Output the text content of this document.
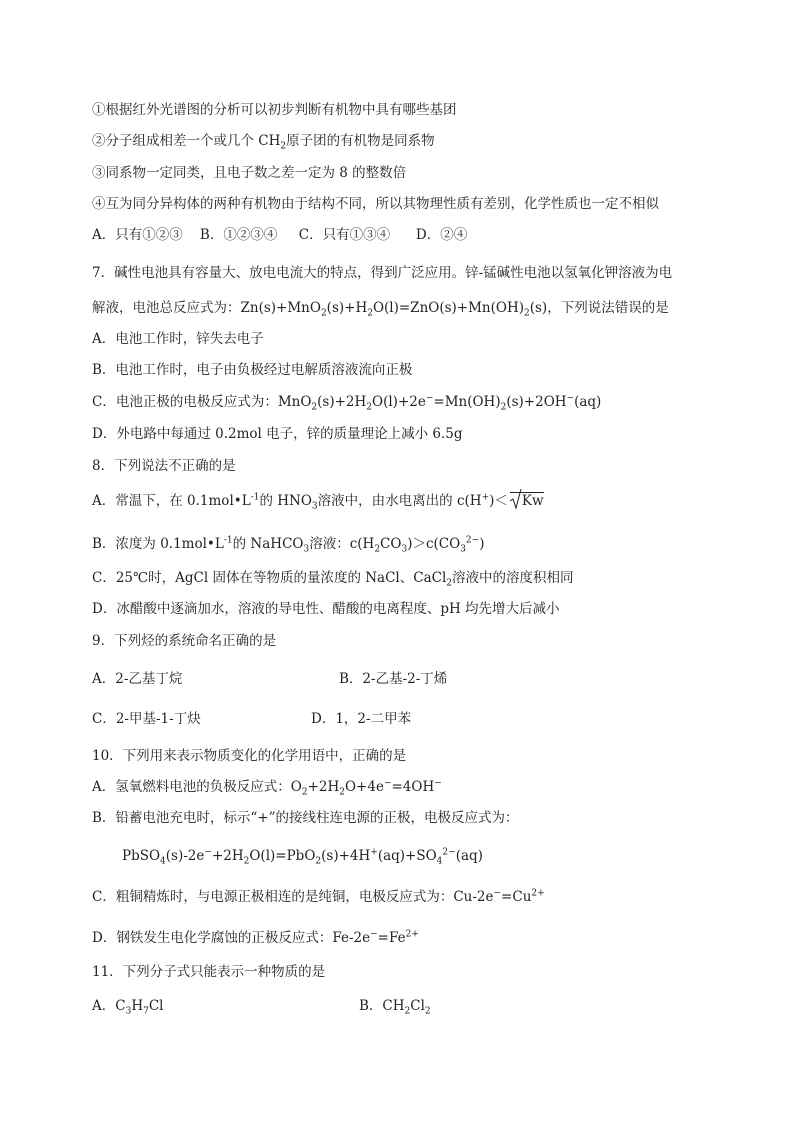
①根据红外光谱图的分析可以初步判断有机物中具有哪些基团
②分子组成相差一个或几个 $CH_2$原子团的有机物是同系物
③同系物一定同类，且电子数之差一定为 8 的整数倍
④互为同分异构体的两种有机物由于结构不同，所以其物理性质有差别，化学性质也一定不相似
A．只有①②③    B．①②③④     C．只有①③④      D．②④
7．碱性电池具有容量大、放电电流大的特点，得到广泛应用。锌-锰碱性电池以氢氧化钾溶液为电
解液，电池总反应式为：$Zn(s)+MnO_2(s)+H_2O(l)=ZnO(s)+Mn(OH)_2(s)$，下列说法错误的是
A．电池工作时，锌失去电子
B．电池工作时，电子由负极经过电解质溶液流向正极
C．电池正极的电极反应式为：$MnO_2(s)+2H_2O(l)+2e^-=Mn(OH)_2(s)+2OH^-(aq)$
D．外电路中每通过 0.2mol 电子，锌的质量理论上减小 6.5g
8．下列说法不正确的是
A．常温下，在 $0.1mol•L^{-1}$的 $HNO_3$溶液中，由水电离出的 c(H+)＜ Kw
B．浓度为 $0.1mol•L^{-1}$的 NaHCO$_3$溶液：$c(H_2CO_3)>c(CO_3^{2-})$
C．25℃时，AgCl 固体在等物质的量浓度的 NaCl、CaCl$_2$溶液中的溶度积相同
D．冰醋酸中逐滴加水，溶液的导电性、醋酸的电离程度、pH 均先增大后减小
9．下列烃的系统命名正确的是
A．2-乙基丁烷	B．2-乙基-2-丁烯
C．2-甲基-1-丁炔	D．1，2-二甲苯
10．下列用来表示物质变化的化学用语中，正确的是
A．氢氧燃料电池的负极反应式：$O_2+2H_2O+4e^-=4OH^-$
B．铅蓄电池充电时，标示“+”的接线柱连电源的正极，电极反应式为：
$PbSO_4(s)-2e^-+2H_2O(l)=PbO_2(s)+4H^+(aq)+SO_4^{2-}(aq)$
C．粗铜精炼时，与电源正极相连的是纯铜，电极反应式为：$Cu-2e^-=Cu^{2+}$
D．钢铁发生电化学腐蚀的正极反应式：$Fe-2e^-=Fe^{2+}$
11．下列分子式只能表示一种物质的是
A．$C_3H_7Cl$	B．$CH_2Cl_2$
